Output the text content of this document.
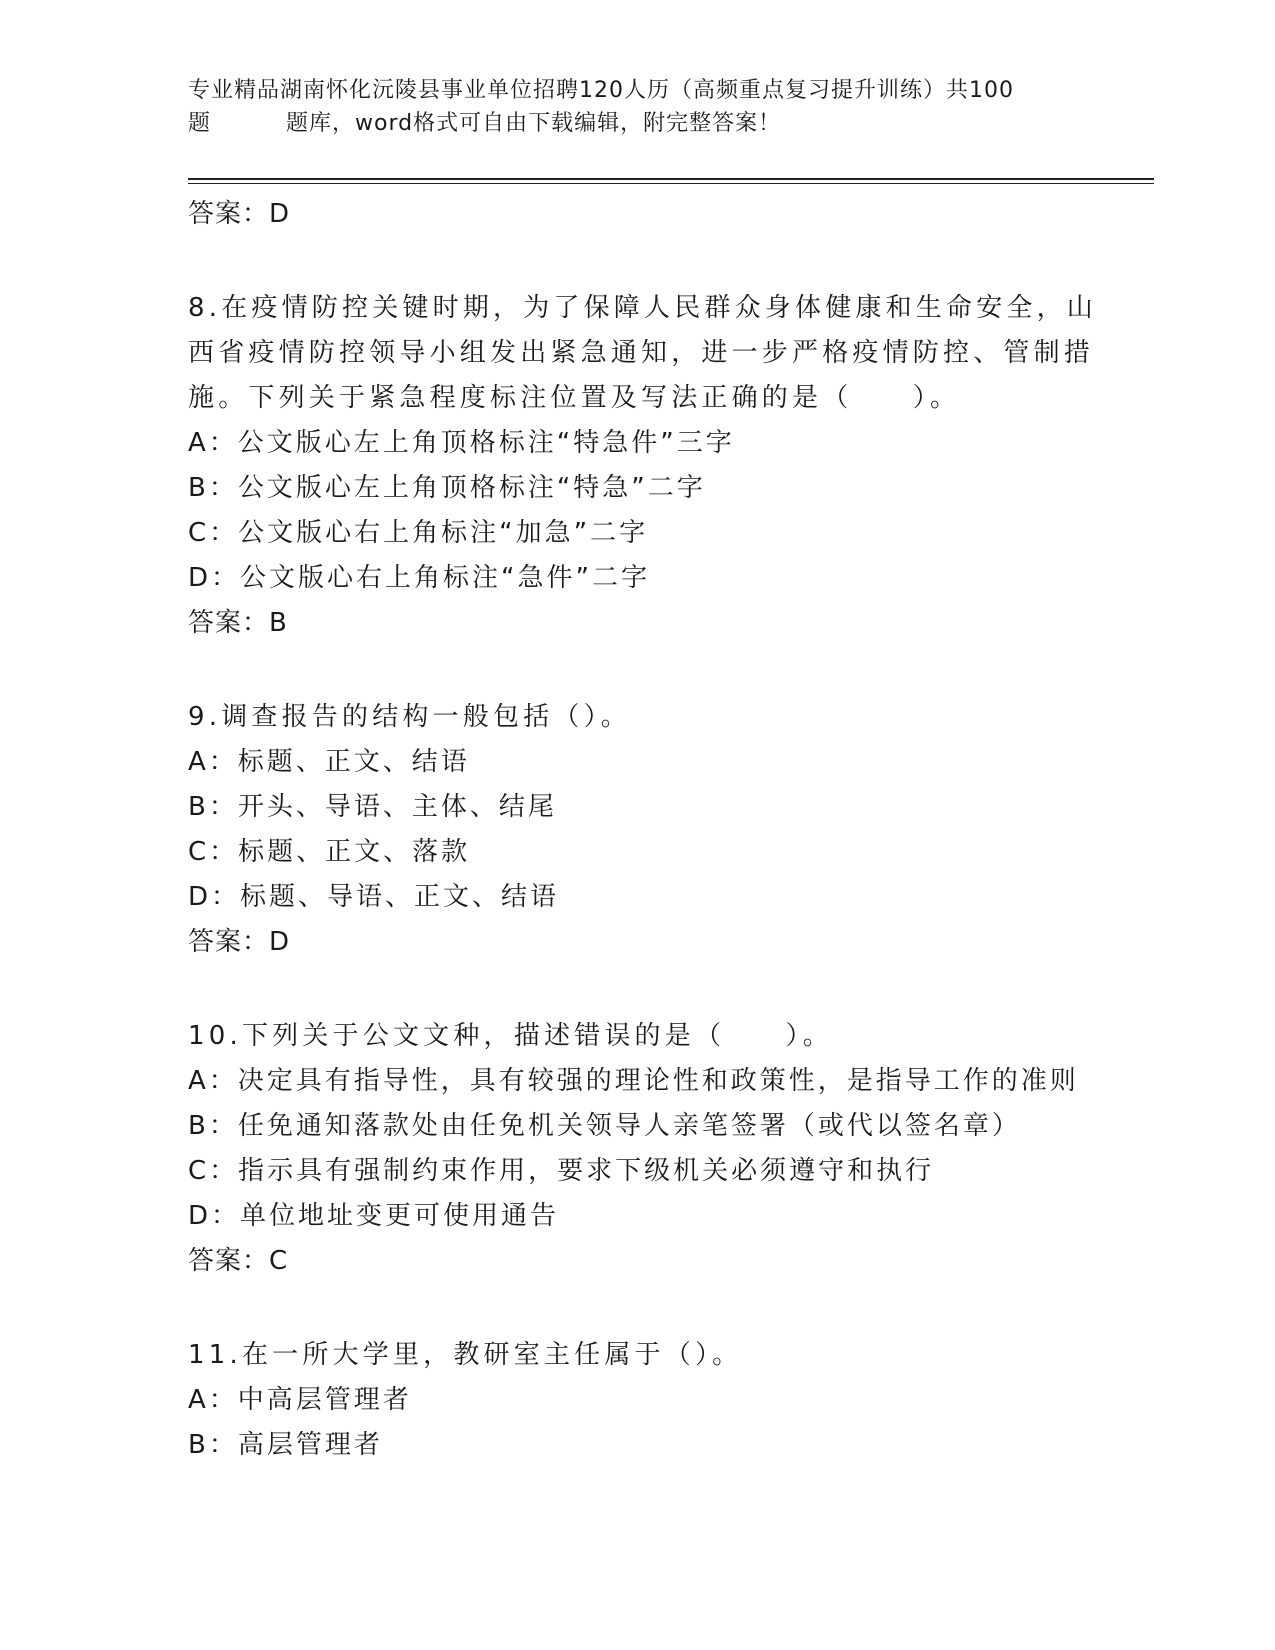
专业精品湖南怀化沅陵县事业单位招聘120人历（高频重点复习提升训练）共100
题	题库，word格式可自由下载编辑，附完整答案！
答案：D
8.在疫情防控关键时期，为了保障人民群众身体健康和生命安全，山
西省疫情防控领导小组发出紧急通知，进一步严格疫情防控、管制措
施。下列关于紧急程度标注位置及写法正确的是（　　）。
A：公文版心左上角顶格标注“特急件”三字
B：公文版心左上角顶格标注“特急”二字
C：公文版心右上角标注“加急”二字
D：公文版心右上角标注“急件”二字
答案：B
9.调查报告的结构一般包括（）。
A：标题、正文、结语
B：开头、导语、主体、结尾
C：标题、正文、落款
D：标题、导语、正文、结语
答案：D
10.下列关于公文文种，描述错误的是（　　）。
A：决定具有指导性，具有较强的理论性和政策性，是指导工作的准则
B：任免通知落款处由任免机关领导人亲笔签署（或代以签名章）
C：指示具有强制约束作用，要求下级机关必须遵守和执行
D：单位地址变更可使用通告
答案：C
11.在一所大学里，教研室主任属于（）。
A：中高层管理者
B：高层管理者
